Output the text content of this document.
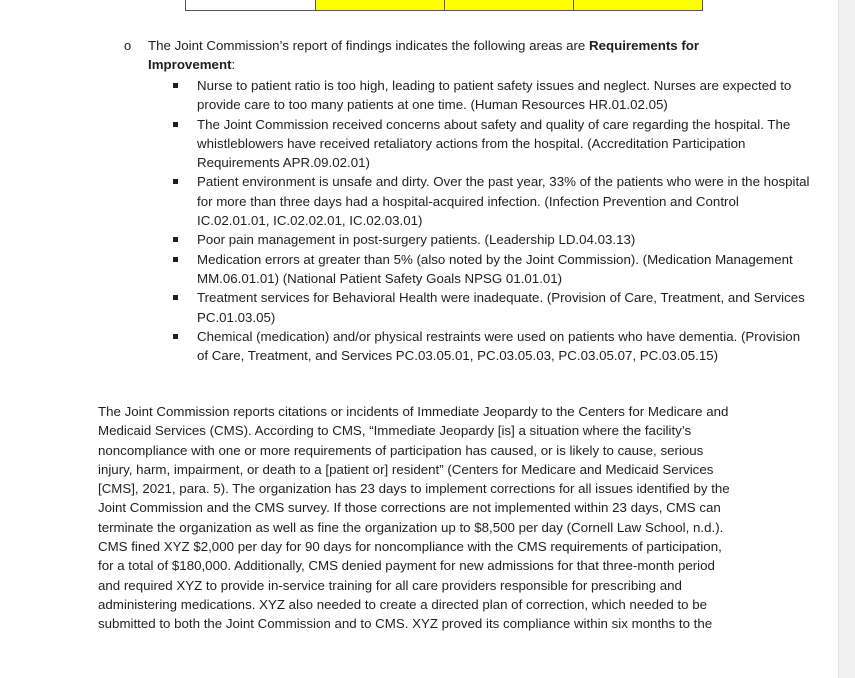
o The Joint Commission’s report of findings indicates the following areas are Requirements for Improvement:
Nurse to patient ratio is too high, leading to patient safety issues and neglect. Nurses are expected to provide care to too many patients at one time. (Human Resources HR.01.02.05)
The Joint Commission received concerns about safety and quality of care regarding the hospital. The whistleblowers have received retaliatory actions from the hospital. (Accreditation Participation Requirements APR.09.02.01)
Patient environment is unsafe and dirty. Over the past year, 33% of the patients who were in the hospital for more than three days had a hospital-acquired infection. (Infection Prevention and Control IC.02.01.01, IC.02.02.01, IC.02.03.01)
Poor pain management in post-surgery patients. (Leadership LD.04.03.13)
Medication errors at greater than 5% (also noted by the Joint Commission). (Medication Management MM.06.01.01) (National Patient Safety Goals NPSG 01.01.01)
Treatment services for Behavioral Health were inadequate. (Provision of Care, Treatment, and Services PC.01.03.05)
Chemical (medication) and/or physical restraints were used on patients who have dementia. (Provision of Care, Treatment, and Services PC.03.05.01, PC.03.05.03, PC.03.05.07, PC.03.05.15)

The Joint Commission reports citations or incidents of Immediate Jeopardy to the Centers for Medicare and
Medicaid Services (CMS). According to CMS, “Immediate Jeopardy [is] a situation where the facility’s
noncompliance with one or more requirements of participation has caused, or is likely to cause, serious
injury, harm, impairment, or death to a [patient or] resident” (Centers for Medicare and Medicaid Services
[CMS], 2021, para. 5). The organization has 23 days to implement corrections for all issues identified by the
Joint Commission and the CMS survey. If those corrections are not implemented within 23 days, CMS can
terminate the organization as well as fine the organization up to $8,500 per day (Cornell Law School, n.d.).
CMS fined XYZ $2,000 per day for 90 days for noncompliance with the CMS requirements of participation,
for a total of $180,000. Additionally, CMS denied payment for new admissions for that three-month period
and required XYZ to provide in-service training for all care providers responsible for prescribing and
administering medications. XYZ also needed to create a directed plan of correction, which needed to be
submitted to both the Joint Commission and to CMS. XYZ proved its compliance within six months to the
